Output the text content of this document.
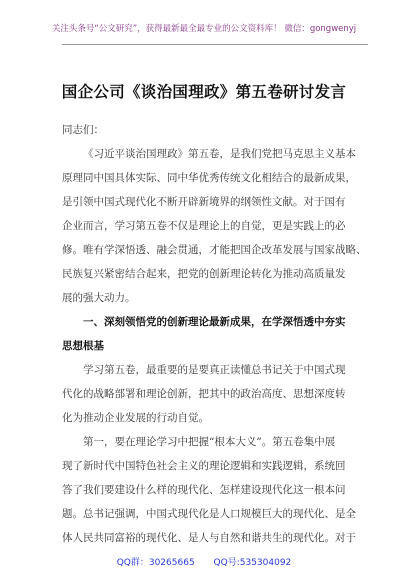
关注头条号“公文研究”，获得最新最全最专业的公文资料库！ 微信：gongwenyj
国企公司《谈治国理政》第五卷研讨发言
同志们：
《习近平谈治国理政》第五卷，是我们党把马克思主义基本
原理同中国具体实际、同中华优秀传统文化相结合的最新成果，
是引领中国式现代化不断开辟新境界的纲领性文献。对于国有
企业而言，学习第五卷不仅是理论上的自觉，更是实践上的必
修。唯有学深悟透、融会贯通，才能把国企改革发展与国家战略、
民族复兴紧密结合起来，把党的创新理论转化为推动高质量发
展的强大动力。
一、深刻领悟党的创新理论最新成果，在学深悟透中夯实
思想根基
学习第五卷，最重要的是要真正读懂总书记关于中国式现
代化的战略部署和理论创新，把其中的政治高度、思想深度转
化为推动企业发展的行动自觉。
第一，要在理论学习中把握“根本大义”。第五卷集中展
现了新时代中国特色社会主义的理论逻辑和实践逻辑，系统回
答了我们要建设什么样的现代化、怎样建设现代化这一根本问
题。总书记强调，中国式现代化是人口规模巨大的现代化、是全
体人民共同富裕的现代化、是人与自然和谐共生的现代化。对于
QQ群：30265665 QQ号:535304092
